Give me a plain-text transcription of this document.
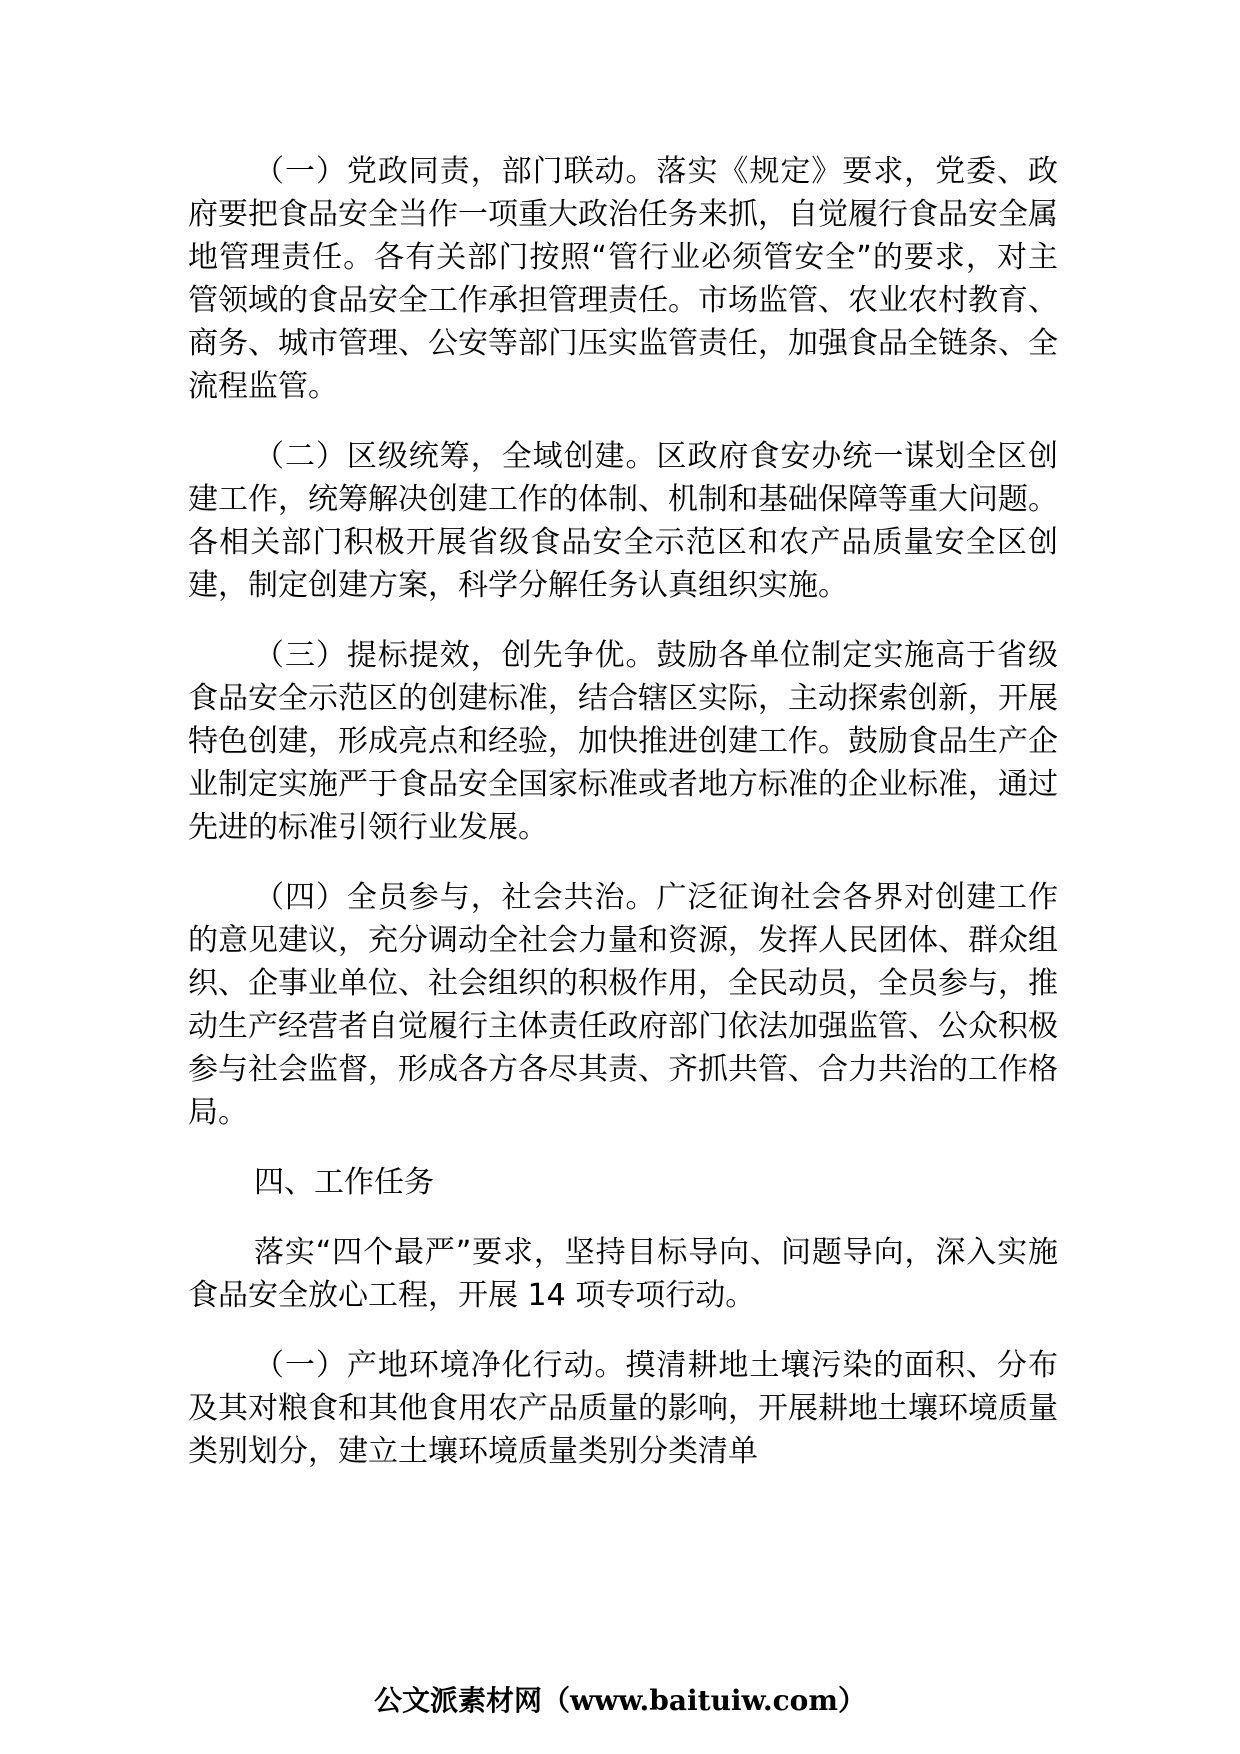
（一）党政同责，部门联动。落实《规定》要求，党委、政府要把食品安全当作一项重大政治任务来抓，自觉履行食品安全属地管理责任。各有关部门按照“管行业必须管安全”的要求，对主管领域的食品安全工作承担管理责任。市场监管、农业农村教育、商务、城市管理、公安等部门压实监管责任，加强食品全链条、全流程监管。

（二）区级统筹，全域创建。区政府食安办统一谋划全区创建工作，统筹解决创建工作的体制、机制和基础保障等重大问题。各相关部门积极开展省级食品安全示范区和农产品质量安全区创建，制定创建方案，科学分解任务认真组织实施。

（三）提标提效，创先争优。鼓励各单位制定实施高于省级食品安全示范区的创建标准，结合辖区实际，主动探索创新，开展特色创建，形成亮点和经验，加快推进创建工作。鼓励食品生产企业制定实施严于食品安全国家标准或者地方标准的企业标准，通过先进的标准引领行业发展。

（四）全员参与，社会共治。广泛征询社会各界对创建工作的意见建议，充分调动全社会力量和资源，发挥人民团体、群众组织、企事业单位、社会组织的积极作用，全民动员，全员参与，推动生产经营者自觉履行主体责任政府部门依法加强监管、公众积极参与社会监督，形成各方各尽其责、齐抓共管、合力共治的工作格局。

四、工作任务

落实“四个最严”要求，坚持目标导向、问题导向，深入实施食品安全放心工程，开展 14 项专项行动。

（一）产地环境净化行动。摸清耕地土壤污染的面积、分布及其对粮食和其他食用农产品质量的影响，开展耕地土壤环境质量类别划分，建立土壤环境质量类别分类清单

公文派素材网（www.baituiw.com）
